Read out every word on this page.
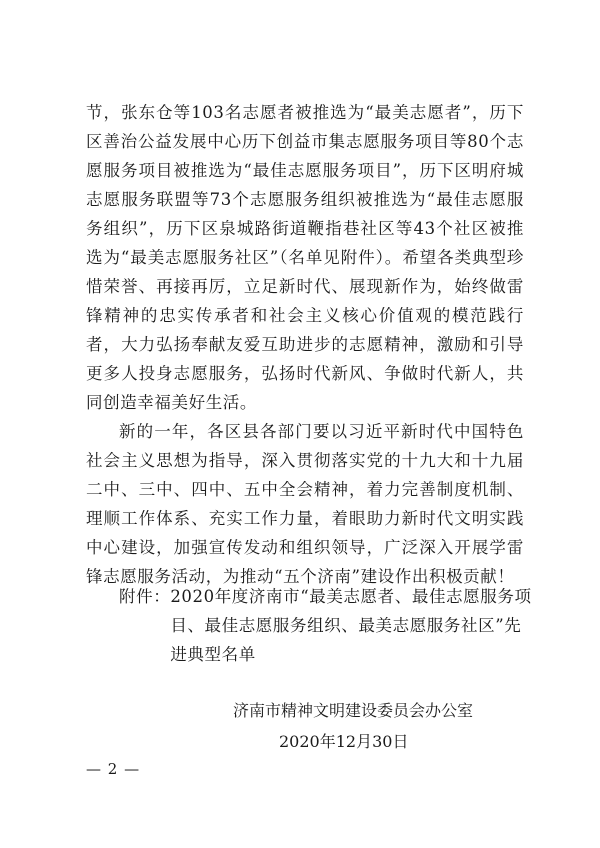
节，张东仓等103名志愿者被推选为“最美志愿者”，历下区善治公益发展中心历下创益市集志愿服务项目等80个志愿服务项目被推选为“最佳志愿服务项目”，历下区明府城志愿服务联盟等73个志愿服务组织被推选为“最佳志愿服务组织”，历下区泉城路街道鞭指巷社区等43个社区被推选为“最美志愿服务社区”（名单见附件）。希望各类典型珍惜荣誉、再接再厉，立足新时代、展现新作为，始终做雷锋精神的忠实传承者和社会主义核心价值观的模范践行者，大力弘扬奉献友爱互助进步的志愿精神，激励和引导更多人投身志愿服务，弘扬时代新风、争做时代新人，共同创造幸福美好生活。

新的一年，各区县各部门要以习近平新时代中国特色社会主义思想为指导，深入贯彻落实党的十九大和十九届二中、三中、四中、五中全会精神，着力完善制度机制、理顺工作体系、充实工作力量，着眼助力新时代文明实践中心建设，加强宣传发动和组织领导，广泛深入开展学雷锋志愿服务活动，为推动“五个济南”建设作出积极贡献！

附件： 2020年度济南市“最美志愿者、最佳志愿服务项目、最佳志愿服务组织、最美志愿服务社区”先进典型名单
济南市精神文明建设委员会办公室
2020年12月30日
— 2 —
